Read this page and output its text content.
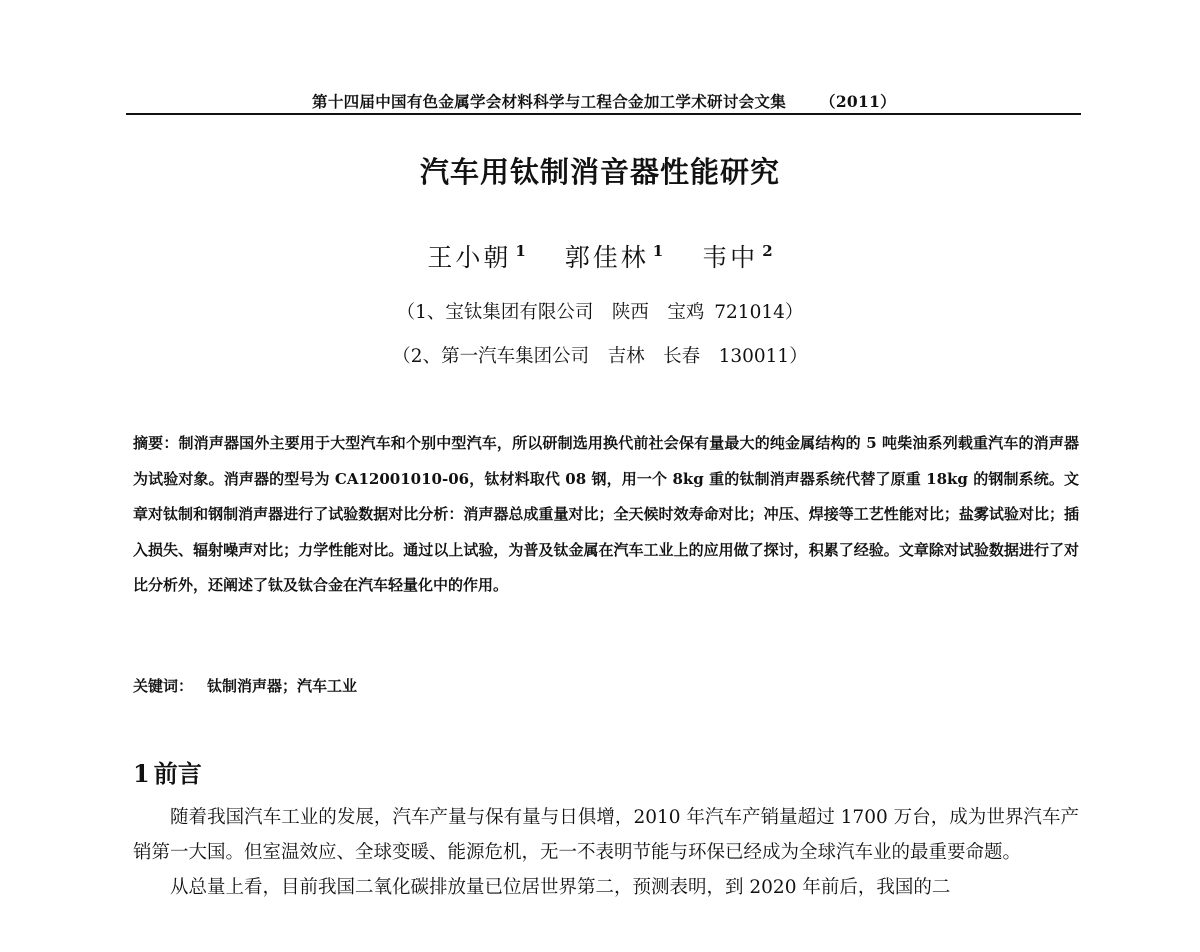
第十四届中国有色金属学会材料科学与工程合金加工学术研讨会文集 （2011）
汽车用钛制消音器性能研究
王小朝 $^1$ 郭佳林 $^1$ 韦中 $^2$
（1、宝钛集团有限公司　陕西　宝鸡 721014）
（2、第一汽车集团公司　吉林　长春　130011）
摘要：制消声器国外主要用于大型汽车和个别中型汽车，所以研制选用换代前社会保有量最大的纯金属结构的 5 吨柴油系列载重汽车的消声器为试验对象。消声器的型号为 CA12001010-06，钛材料取代 08 钢，用一个 8kg 重的钛制消声器系统代替了原重 18kg 的钢制系统。文章对钛制和钢制消声器进行了试验数据对比分析：消声器总成重量对比；全天候时效寿命对比；冲压、焊接等工艺性能对比；盐雾试验对比；插入损失、辐射噪声对比；力学性能对比。通过以上试验，为普及钛金属在汽车工业上的应用做了探讨，积累了经验。文章除对试验数据进行了对比分析外，还阐述了钛及钛合金在汽车轻量化中的作用。
关键词： 钛制消声器；汽车工业
1 前言

随着我国汽车工业的发展，汽车产量与保有量与日俱增，2010 年汽车产销量超过 1700 万台，成为世界汽车产销第一大国。但室温效应、全球变暖、能源危机，无一不表明节能与环保已经成为全球汽车业的最重要命题。

从总量上看，目前我国二氧化碳排放量已位居世界第二，预测表明，到 2020 年前后，我国的二
